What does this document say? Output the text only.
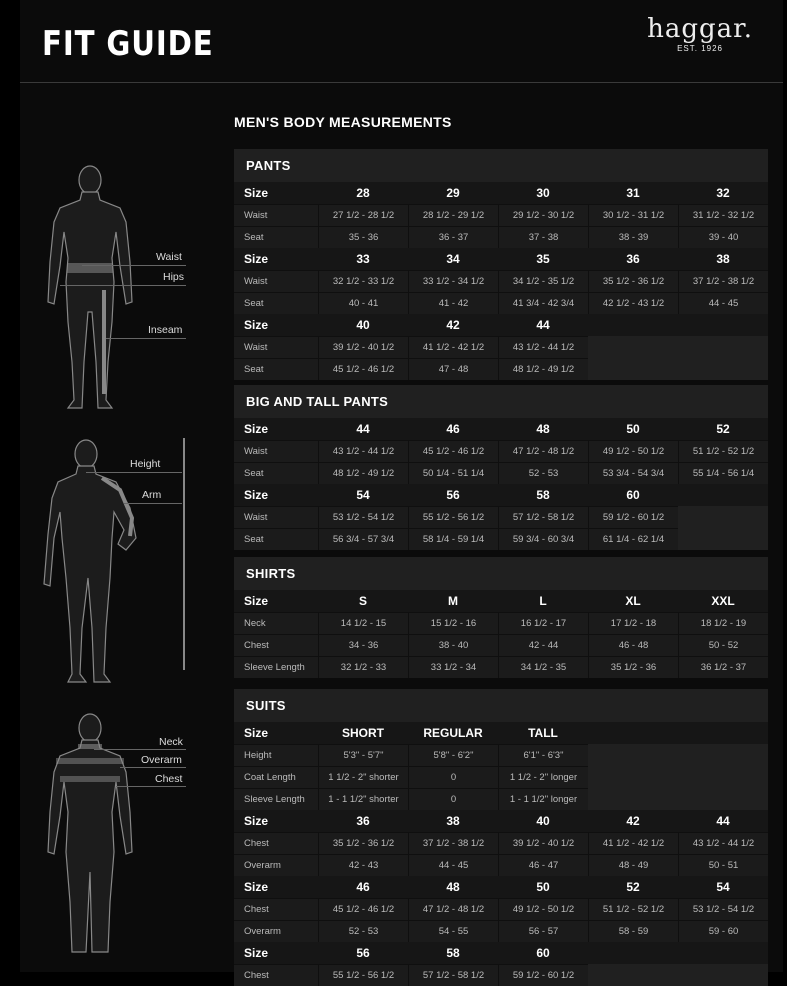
FIT GUIDE	haggar.
EST. 1926
MEN'S BODY MEASUREMENTS
Waist
Hips
Inseam
Height
Arm
Neck
Overarm
Chest
PANTS
Size	28	29	30	31	32
Waist	27 1/2 - 28 1/2	28 1/2 - 29 1/2	29 1/2 - 30 1/2	30 1/2 - 31 1/2	31 1/2 - 32 1/2
Seat	35 - 36	36 - 37	37 - 38	38 - 39	39 - 40
Size	33	34	35	36	38
Waist	32 1/2 - 33 1/2	33 1/2 - 34 1/2	34 1/2 - 35 1/2	35 1/2 - 36 1/2	37 1/2 - 38 1/2
Seat	40 - 41	41 - 42	41 3/4 - 42 3/4	42 1/2 - 43 1/2	44 - 45
Size	40	42	44
Waist	39 1/2 - 40 1/2	41 1/2 - 42 1/2	43 1/2 - 44 1/2
Seat	45 1/2 - 46 1/2	47 - 48	48 1/2 - 49 1/2
BIG AND TALL PANTS
Size	44	46	48	50	52
Waist	43 1/2 - 44 1/2	45 1/2 - 46 1/2	47 1/2 - 48 1/2	49 1/2 - 50 1/2	51 1/2 - 52 1/2
Seat	48 1/2 - 49 1/2	50 1/4 - 51 1/4	52 - 53	53 3/4 - 54 3/4	55 1/4 - 56 1/4
Size	54	56	58	60
Waist	53 1/2 - 54 1/2	55 1/2 - 56 1/2	57 1/2 - 58 1/2	59 1/2 - 60 1/2
Seat	56 3/4 - 57 3/4	58 1/4 - 59 1/4	59 3/4 - 60 3/4	61 1/4 - 62 1/4
SHIRTS
Size	S	M	L	XL	XXL
Neck	14 1/2 - 15	15 1/2 - 16	16 1/2 - 17	17 1/2 - 18	18 1/2 - 19
Chest	34 - 36	38 - 40	42 - 44	46 - 48	50 - 52
Sleeve Length	32 1/2 - 33	33 1/2 - 34	34 1/2 - 35	35 1/2 - 36	36 1/2 - 37
SUITS
Size	SHORT	REGULAR	TALL
Height	5'3" - 5'7"	5'8" - 6'2"	6'1" - 6'3"
Coat Length	1 1/2 - 2" shorter	0	1 1/2 - 2" longer
Sleeve Length	1 - 1 1/2" shorter	0	1 - 1 1/2" longer
Size	36	38	40	42	44
Chest	35 1/2 - 36 1/2	37 1/2 - 38 1/2	39 1/2 - 40 1/2	41 1/2 - 42 1/2	43 1/2 - 44 1/2
Overarm	42 - 43	44 - 45	46 - 47	48 - 49	50 - 51
Size	46	48	50	52	54
Chest	45 1/2 - 46 1/2	47 1/2 - 48 1/2	49 1/2 - 50 1/2	51 1/2 - 52 1/2	53 1/2 - 54 1/2
Overarm	52 - 53	54 - 55	56 - 57	58 - 59	59 - 60
Size	56	58	60
Chest	55 1/2 - 56 1/2	57 1/2 - 58 1/2	59 1/2 - 60 1/2
